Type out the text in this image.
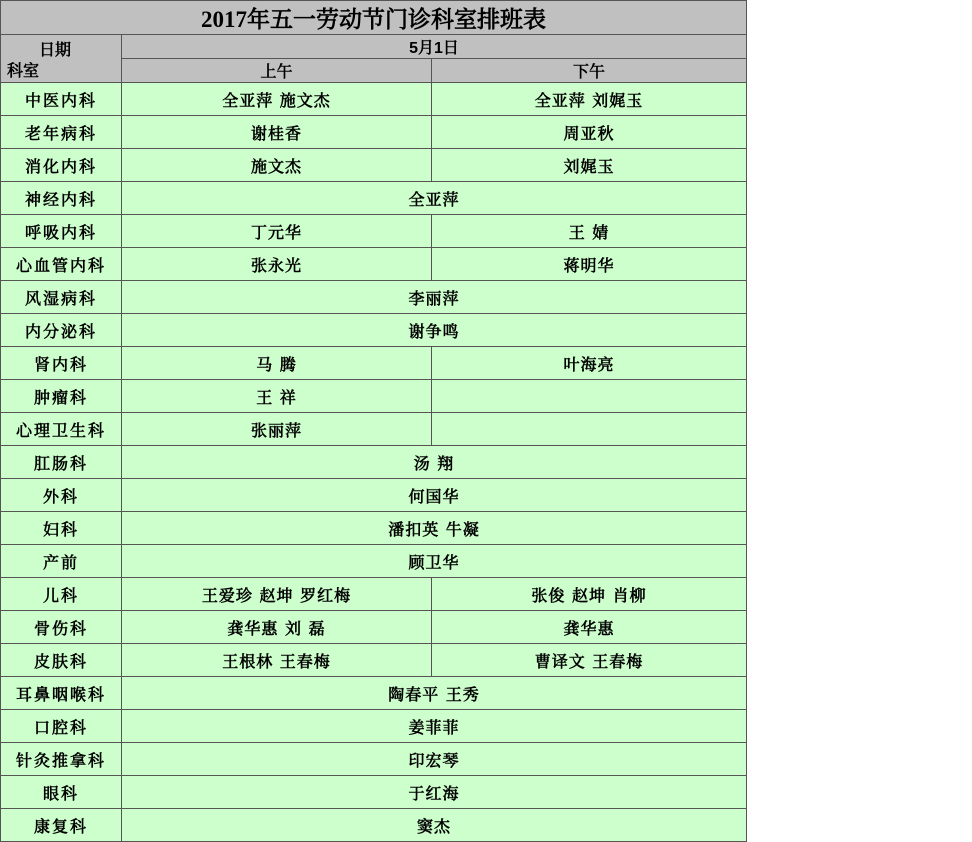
2017年五一劳动节门诊科室排班表		

日期
科室	5月1日	
	上午	下午
中医内科	全亚萍 施文杰	全亚萍 刘娓玉
老年病科	谢桂香	周亚秋
消化内科	施文杰	刘娓玉
神经内科	全亚萍	
呼吸内科	丁元华	王 婧
心血管内科	张永光	蒋明华
风湿病科	李丽萍	
内分泌科	谢争鸣	
肾内科	马 腾	叶海亮
肿瘤科	王 祥	
心理卫生科	张丽萍	
肛肠科	汤 翔	
外科	何国华	
妇科	潘扣英 牛凝	
产前	顾卫华	
儿科	王爱珍 赵坤 罗红梅	张俊 赵坤 肖柳
骨伤科	龚华惠 刘 磊	龚华惠
皮肤科	王根林 王春梅	曹译文 王春梅
耳鼻咽喉科	陶春平 王秀	
口腔科	姜菲菲	
针灸推拿科	印宏琴	
眼科	于红海	
康复科	窦杰	
